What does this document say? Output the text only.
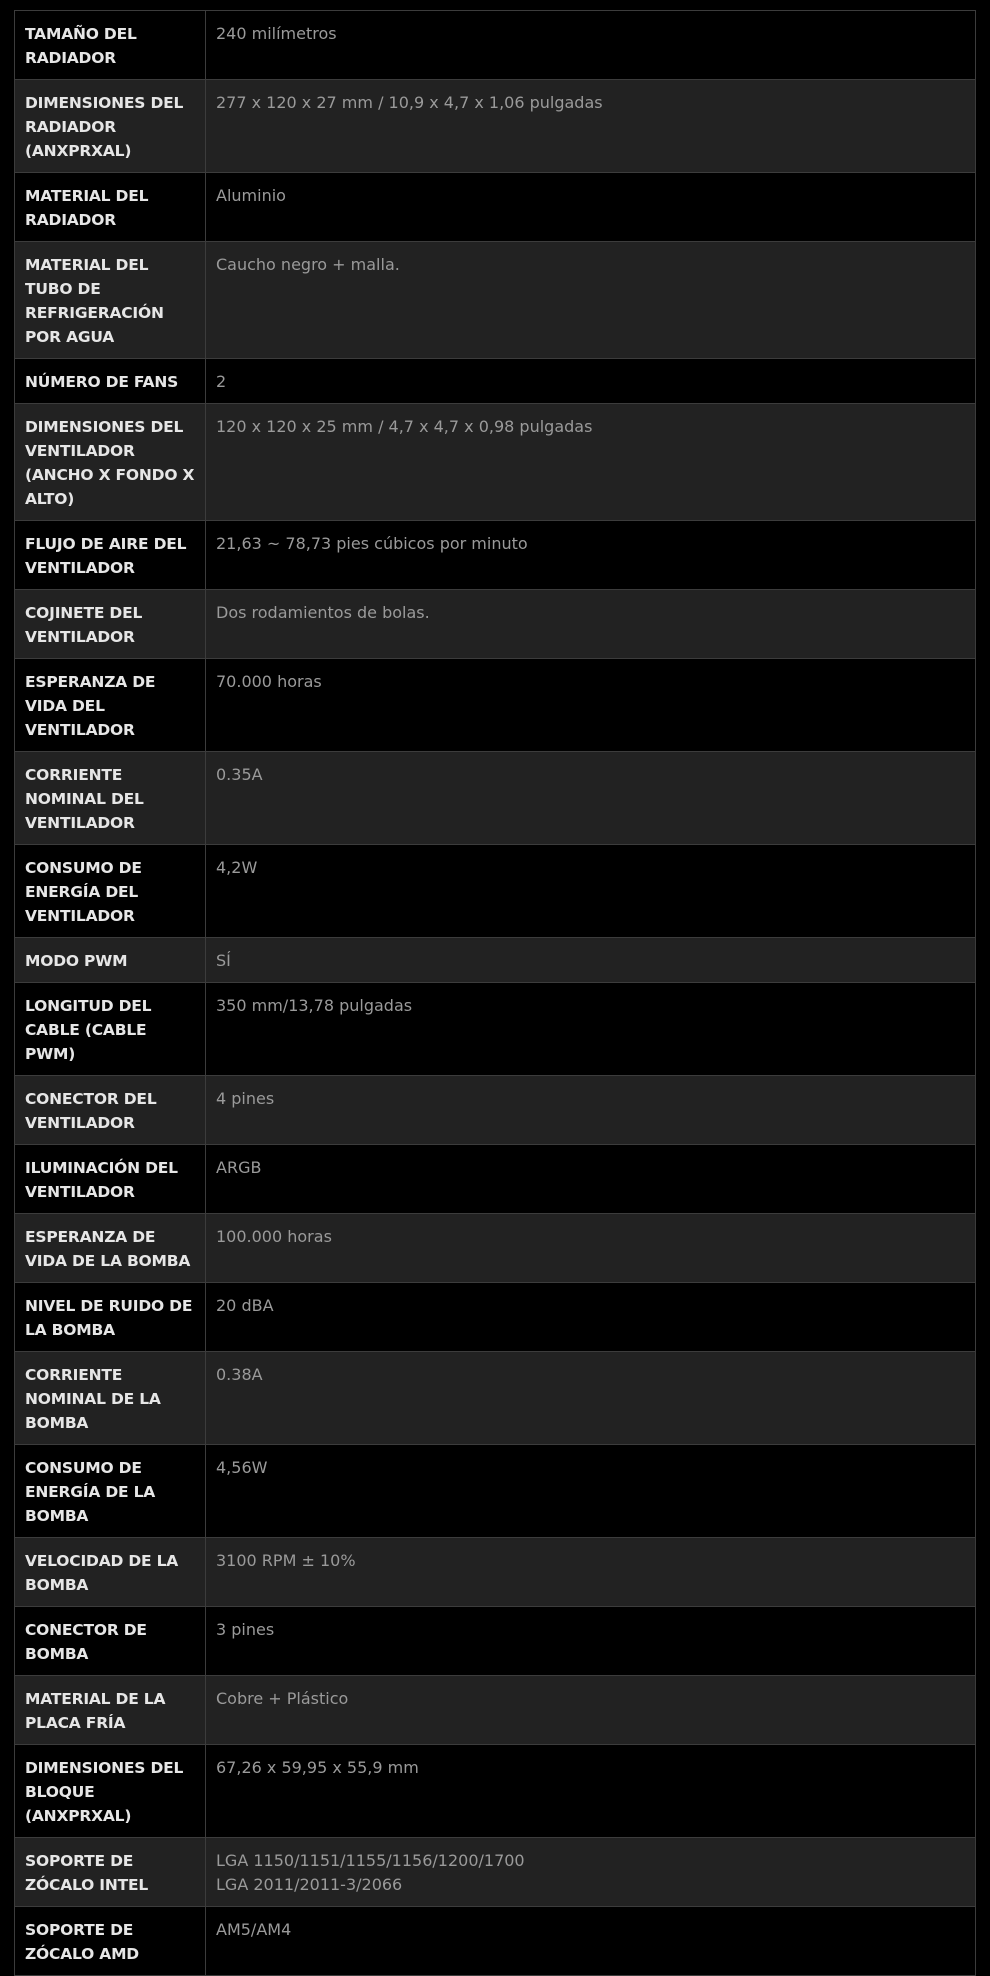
TAMAÑO DEL RADIADOR	240 milímetros

DIMENSIONES DEL RADIADOR (ANXPRXAL)	277 x 120 x 27 mm / 10,9 x 4,7 x 1,06 pulgadas

MATERIAL DEL RADIADOR	Aluminio

MATERIAL DEL TUBO DE REFRIGERACIÓN POR AGUA	Caucho negro + malla.

NÚMERO DE FANS	2

DIMENSIONES DEL VENTILADOR (ANCHO X FONDO X ALTO)	120 x 120 x 25 mm / 4,7 x 4,7 x 0,98 pulgadas

FLUJO DE AIRE DEL VENTILADOR	21,63 ~ 78,73 pies cúbicos por minuto

COJINETE DEL VENTILADOR	Dos rodamientos de bolas.

ESPERANZA DE VIDA DEL VENTILADOR	70.000 horas

CORRIENTE NOMINAL DEL VENTILADOR	0.35A

CONSUMO DE ENERGÍA DEL VENTILADOR	4,2W

MODO PWM	SÍ

LONGITUD DEL CABLE (CABLE PWM)	350 mm/13,78 pulgadas

CONECTOR DEL VENTILADOR	4 pines

ILUMINACIÓN DEL VENTILADOR	ARGB

ESPERANZA DE VIDA DE LA BOMBA	100.000 horas

NIVEL DE RUIDO DE LA BOMBA	20 dBA

CORRIENTE NOMINAL DE LA BOMBA	0.38A

CONSUMO DE ENERGÍA DE LA BOMBA	4,56W

VELOCIDAD DE LA BOMBA	3100 RPM ± 10%

CONECTOR DE BOMBA	3 pines

MATERIAL DE LA PLACA FRÍA	Cobre + Plástico

DIMENSIONES DEL BLOQUE (ANXPRXAL)	67,26 x 59,95 x 55,9 mm

SOPORTE DE ZÓCALO INTEL	LGA 1150/1151/1155/1156/1200/1700
LGA 2011/2011-3/2066

SOPORTE DE ZÓCALO AMD	AM5/AM4
